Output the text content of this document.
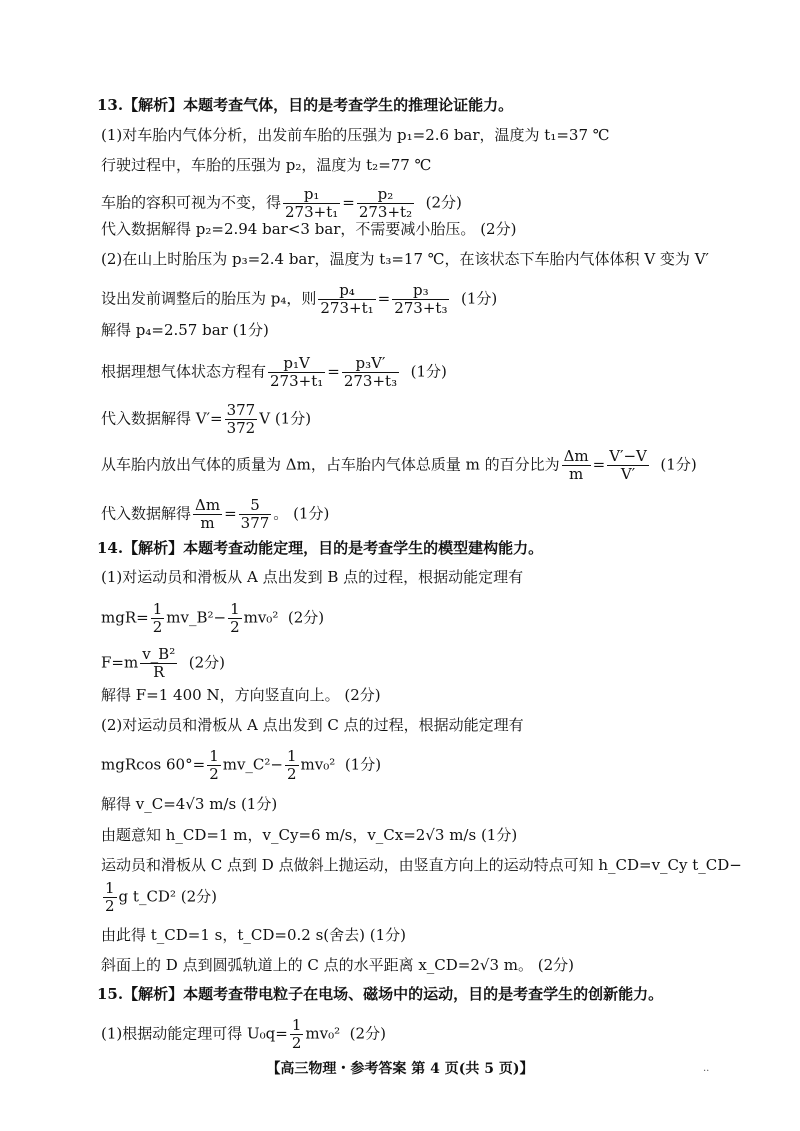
13.【解析】本题考查气体，目的是考查学生的推理论证能力。
(1)对车胎内气体分析，出发前车胎的压强为 p₁=2.6 bar，温度为 t₁=37 ℃
行驶过程中，车胎的压强为 p₂，温度为 t₂=77 ℃
车胎的容积可视为不变，得 $\frac{\text{p₁}}{\text{273+t₁}} = \frac{\text{p₂}}{\text{273+t₂}} (2$分)
代入数据解得 p₂=2.94 bar<3 bar，不需要减小胎压。 (2分)
(2)在山上时胎压为 p₃=2.4 bar，温度为 t₃=17 ℃，在该状态下车胎内气体体积 V 变为 V′
设出发前调整后的胎压为 p₄，则 $\frac{\text{p₄}}{\text{273+t₁}} = \frac{\text{p₃}}{\text{273+t₃}} (1$分)
解得 p₄=2.57 bar (1分)
根据理想气体状态方程有 $\frac{\text{p₁V}}{\text{273+t₁}} = \frac{\text{p₃V′}}{\text{273+t₃}} (1$分)
代入数据解得 $V'= \frac{377}{372}$ V (1分)
从车胎内放出气体的质量为 Δm，占车胎内气体总质量 m 的百分比为 $\frac{\Delta m}{m} = \frac{V'-V}{V'} (1$分)
代入数据解得 $\frac{\Delta m}{m} = \frac{5}{377}$ 。 (1分)
14.【解析】本题考查动能定理，目的是考查学生的模型建构能力。
(1)对运动员和滑板从 A 点出发到 B 点的过程，根据动能定理有
$mgR= \frac{1}{2}$ mv_B²− $\frac{1}{2} mv_0^2$ (2分)
$F=m \frac{\text{v\_B²}}{R} (2$分)
解得 F=1 400 N，方向竖直向上。 (2分)
(2)对运动员和滑板从 A 点出发到 C 点的过程，根据动能定理有
mgRcos $60^\circ= \frac{1}{2}$ mv_C²− $\frac{1}{2} mv_0^2$ (1分)
解得 v_C=4√3 m/s (1分)
由题意知 h_CD=1 m，v_Cy=6 m/s，v_Cx=2√3 m/s (1分)
运动员和滑板从 C 点到 D 点做斜上抛运动，由竖直方向上的运动特点可知 h_CD=v_Cy t_CD−
$\frac{1}{2}$ g t_CD² (2分)
由此得 t_CD=1 s，t_CD=0.2 s(舍去) (1分)
斜面上的 D 点到圆弧轨道上的 C 点的水平距离 x_CD=2√3 m。 (2分)
15.【解析】本题考查带电粒子在电场、磁场中的运动，目的是考查学生的创新能力。
(1)根据动能定理可得 $U_0q= \frac{1}{2} mv_0^2$ (2分)
【高三物理・参考答案 第 4 页(共 5 页)】	..
